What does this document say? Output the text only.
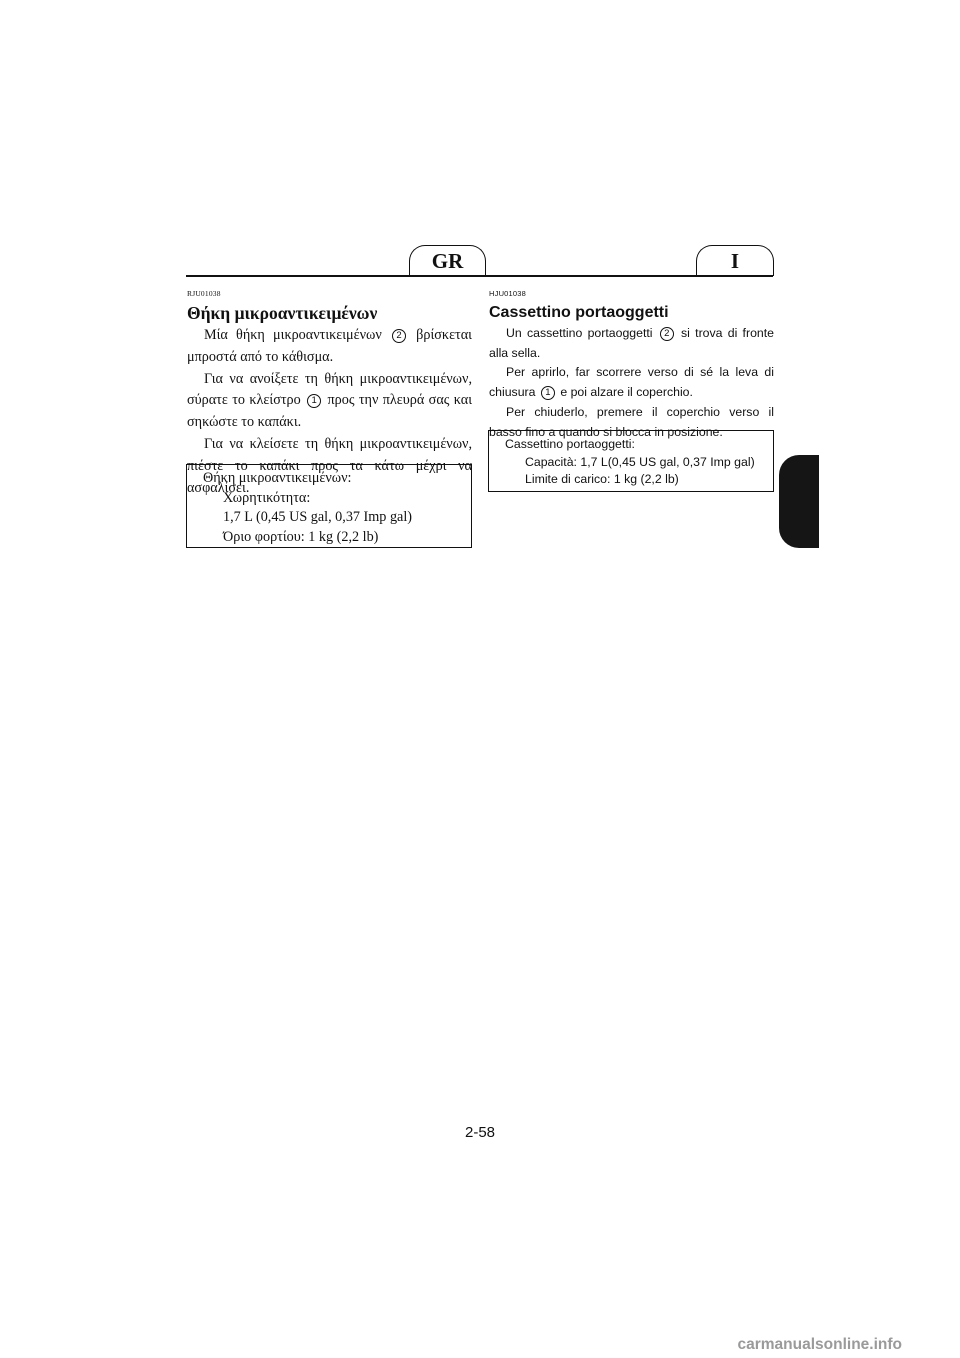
GR	I
RJU01038
Θήκη μικροαντικειμένων

Μία θήκη μικροαντικειμένων 2 βρίσκεται μπροστά από το κάθισμα.

Για να ανοίξετε τη θήκη μικροαντικειμένων, σύρατε το κλείστρο 1 προς την πλευρά σας και σηκώστε το καπάκι.

Για να κλείσετε τη θήκη μικροαντικειμένων, πιέστε το καπάκι προς τα κάτω μέχρι να ασφαλίσει.

Θήκη μικροαντικειμένων:
Χωρητικότητα:
1,7 L (0,45 US gal, 0,37 Imp gal)
Όριο φορτίου: 1 kg (2,2 lb)
HJU01038
Cassettino portaoggetti

Un cassettino portaoggetti 2 si trova di fronte alla sella.

Per aprirlo, far scorrere verso di sé la leva di chiusura 1 e poi alzare il coperchio.

Per chiuderlo, premere il coperchio verso il basso fino a quando si blocca in posizione.

Cassettino portaoggetti:
Capacità: 1,7 L(0,45 US gal, 0,37 Imp gal)
Limite di carico: 1 kg (2,2 lb)
2-58
carmanualsonline.info
